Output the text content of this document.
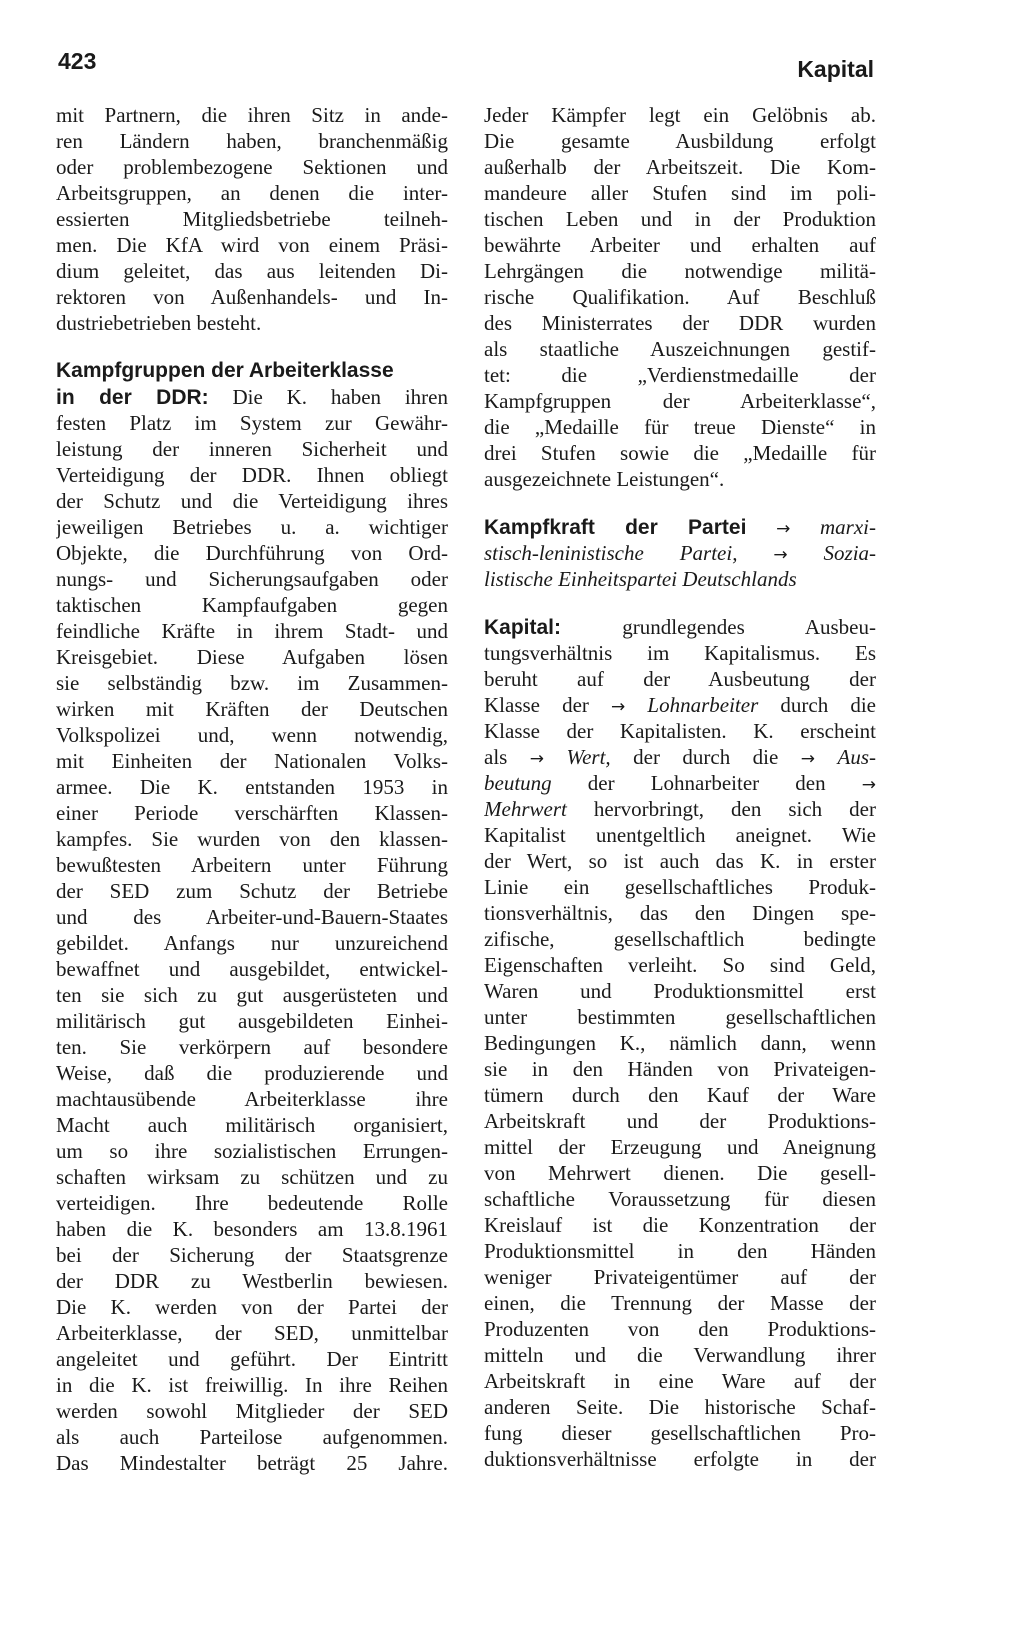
423	Kapital
mit Partnern, die ihren Sitz in ande-
ren Ländern haben, branchenmäßig
oder problembezogene Sektionen und
Arbeitsgruppen, an denen die inter-
essierten Mitgliedsbetriebe teilneh-
men. Die KfA wird von einem Präsi-
dium geleitet, das aus leitenden Di-
rektoren von Außenhandels- und In-
dustriebetrieben besteht.
Kampfgruppen der Arbeiterklasse
in der DDR: Die K. haben ihren
festen Platz im System zur Gewähr-
leistung der inneren Sicherheit und
Verteidigung der DDR. Ihnen obliegt
der Schutz und die Verteidigung ihres
jeweiligen Betriebes u. a. wichtiger
Objekte, die Durchführung von Ord-
nungs- und Sicherungsaufgaben oder
taktischen Kampfaufgaben gegen
feindliche Kräfte in ihrem Stadt- und
Kreisgebiet. Diese Aufgaben lösen
sie selbständig bzw. im Zusammen-
wirken mit Kräften der Deutschen
Volkspolizei und, wenn notwendig,
mit Einheiten der Nationalen Volks-
armee. Die K. entstanden 1953 in
einer Periode verschärften Klassen-
kampfes. Sie wurden von den klassen-
bewußtesten Arbeitern unter Führung
der SED zum Schutz der Betriebe
und des Arbeiter-und-Bauern-Staates
gebildet. Anfangs nur unzureichend
bewaffnet und ausgebildet, entwickel-
ten sie sich zu gut ausgerüsteten und
militärisch gut ausgebildeten Einhei-
ten. Sie verkörpern auf besondere
Weise, daß die produzierende und
machtausübende Arbeiterklasse ihre
Macht auch militärisch organisiert,
um so ihre sozialistischen Errungen-
schaften wirksam zu schützen und zu
verteidigen. Ihre bedeutende Rolle
haben die K. besonders am 13.8.1961
bei der Sicherung der Staatsgrenze
der DDR zu Westberlin bewiesen.
Die K. werden von der Partei der
Arbeiterklasse, der SED, unmittelbar
angeleitet und geführt. Der Eintritt
in die K. ist freiwillig. In ihre Reihen
werden sowohl Mitglieder der SED
als auch Parteilose aufgenommen.
Das Mindestalter beträgt 25 Jahre.
Jeder Kämpfer legt ein Gelöbnis ab.
Die gesamte Ausbildung erfolgt
außerhalb der Arbeitszeit. Die Kom-
mandeure aller Stufen sind im poli-
tischen Leben und in der Produktion
bewährte Arbeiter und erhalten auf
Lehrgängen die notwendige militä-
rische Qualifikation. Auf Beschluß
des Ministerrates der DDR wurden
als staatliche Auszeichnungen gestif-
tet: die „Verdienstmedaille der
Kampfgruppen der Arbeiterklasse“,
die „Medaille für treue Dienste“ in
drei Stufen sowie die „Medaille für
ausgezeichnete Leistungen“.
Kampfkraft der Partei → marxi-
stisch-leninistische Partei, → Sozia-
listische Einheitspartei Deutschlands
Kapital: grundlegendes Ausbeu-
tungsverhältnis im Kapitalismus. Es
beruht auf der Ausbeutung der
Klasse der → Lohnarbeiter durch die
Klasse der Kapitalisten. K. erscheint
als → Wert, der durch die → Aus-
beutung der Lohnarbeiter den →
Mehrwert hervorbringt, den sich der
Kapitalist unentgeltlich aneignet. Wie
der Wert, so ist auch das K. in erster
Linie ein gesellschaftliches Produk-
tionsverhältnis, das den Dingen spe-
zifische, gesellschaftlich bedingte
Eigenschaften verleiht. So sind Geld,
Waren und Produktionsmittel erst
unter bestimmten gesellschaftlichen
Bedingungen K., nämlich dann, wenn
sie in den Händen von Privateigen-
tümern durch den Kauf der Ware
Arbeitskraft und der Produktions-
mittel der Erzeugung und Aneignung
von Mehrwert dienen. Die gesell-
schaftliche Voraussetzung für diesen
Kreislauf ist die Konzentration der
Produktionsmittel in den Händen
weniger Privateigentümer auf der
einen, die Trennung der Masse der
Produzenten von den Produktions-
mitteln und die Verwandlung ihrer
Arbeitskraft in eine Ware auf der
anderen Seite. Die historische Schaf-
fung dieser gesellschaftlichen Pro-
duktionsverhältnisse erfolgte in der
